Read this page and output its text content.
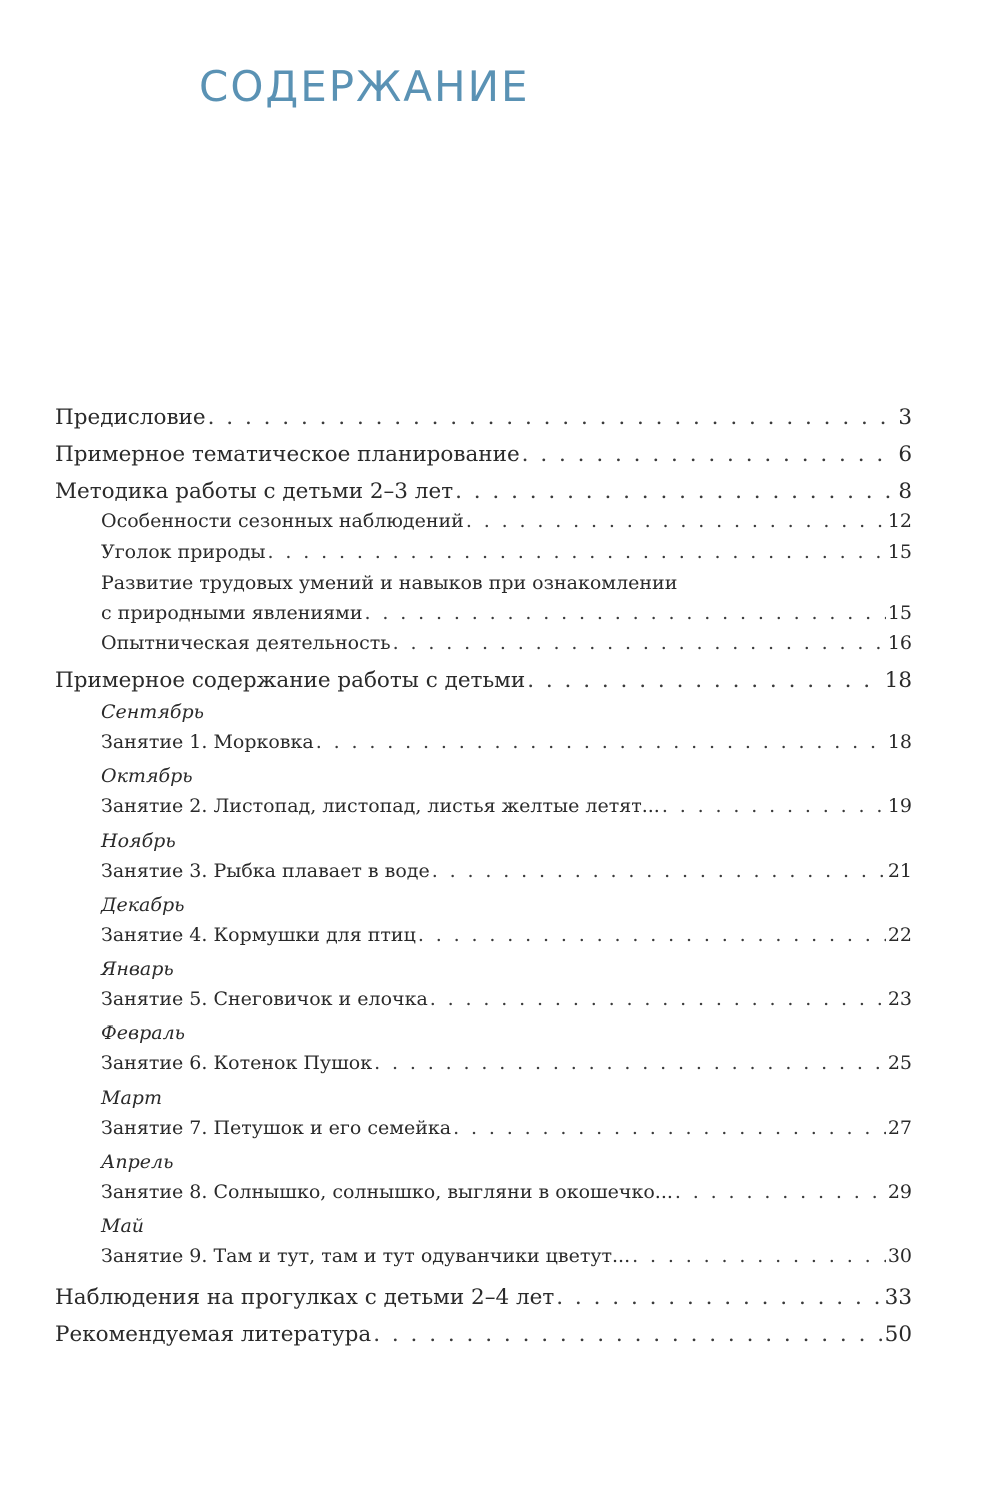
СОДЕРЖАНИЕ
Предисловие . . .	3
Примерное тематическое планирование . . .	6
Методика работы с детьми 2–3 лет . . .	8
Особенности сезонных наблюдений . . .	12
Уголок природы . . .	15
Развитие трудовых умений и навыков при ознакомлении
с природными явлениями . . .	15
Опытническая деятельность . . .	16
Примерное содержание работы с детьми . . .	18
Сентябрь
Занятие 1. Морковка . . .	18
Октябрь
Занятие 2. Листопад, листопад, листья желтые летят... . . .	19
Ноябрь
Занятие 3. Рыбка плавает в воде . . .	21
Декабрь
Занятие 4. Кормушки для птиц . . .	22
Январь
Занятие 5. Снеговичок и елочка . . .	23
Февраль
Занятие 6. Котенок Пушок . . .	25
Март
Занятие 7. Петушок и его семейка . . .	27
Апрель
Занятие 8. Солнышко, солнышко, выгляни в окошечко... . . .	29
Май
Занятие 9. Там и тут, там и тут одуванчики цветут... . . .	30
Наблюдения на прогулках с детьми 2–4 лет . . .	33
Рекомендуемая литература . . .	50
